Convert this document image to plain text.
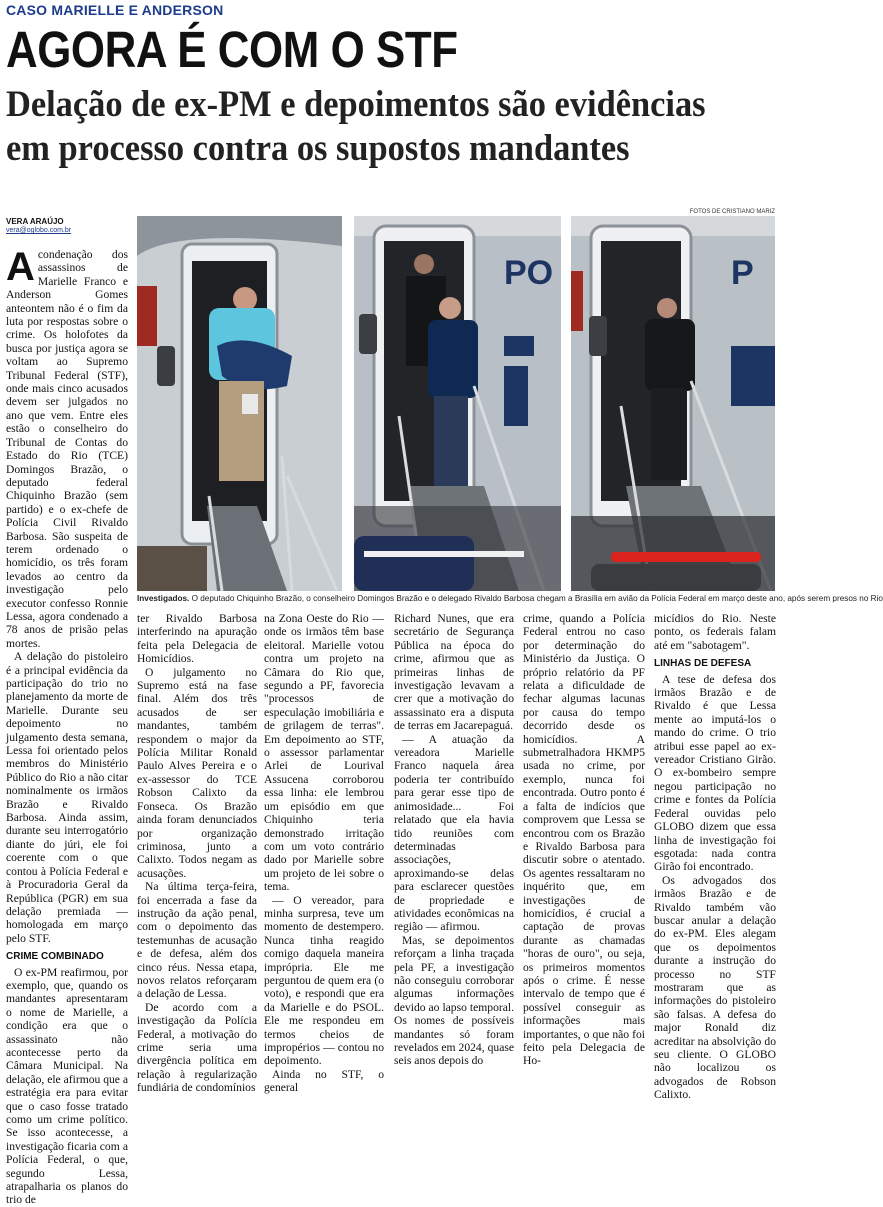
CASO MARIELLE E ANDERSON
AGORA É COM O STF
Delação de ex-PM e depoimentos são evidências em processo contra os supostos mandantes
VERA ARAÚJO
vera@oglobo.com.br
FOTOS DE CRISTIANO MARIZ
PO	P
Investigados. O deputado Chiquinho Brazão, o conselheiro Domingos Brazão e o delegado Rivaldo Barbosa chegam a Brasília em avião da Polícia Federal em março deste ano, após serem presos no Rio

Acondenação dos assassinos de Marielle Franco e Anderson Gomes anteontem não é o fim da luta por respostas sobre o crime. Os holofotes da busca por justiça agora se voltam ao Supremo Tribunal Federal (STF), onde mais cinco acusados devem ser julgados no ano que vem. Entre eles estão o conselheiro do Tribunal de Contas do Estado do Rio (TCE) Domingos Brazão, o deputado federal Chiquinho Brazão (sem partido) e o ex-chefe de Polícia Civil Rivaldo Barbosa. São suspeita de terem ordenado o homicídio, os três foram levados ao centro da investigação pelo executor confesso Ronnie Lessa, agora condenado a 78 anos de prisão pelas mortes.

A delação do pistoleiro é a principal evidência da participação do trio no planejamento da morte de Marielle. Durante seu depoimento no julgamento desta semana, Lessa foi orientado pelos membros do Ministério Público do Rio a não citar nominalmente os irmãos Brazão e Rivaldo Barbosa. Ainda assim, durante seu interrogatório diante do júri, ele foi coerente com o que contou à Polícia Federal e à Procuradoria Geral da República (PGR) em sua delação premiada — homologada em março pelo STF.

CRIME COMBINADO

O ex-PM reafirmou, por exemplo, que, quando os mandantes apresentaram o nome de Marielle, a condição era que o assassinato não acontecesse perto da Câmara Municipal. Na delação, ele afirmou que a estratégia era para evitar que o caso fosse tratado como um crime político. Se isso acontecesse, a investigação ficaria com a Polícia Federal, o que, segundo Lessa, atrapalharia os planos do trio de

ter Rivaldo Barbosa interferindo na apuração feita pela Delegacia de Homicídios.

O julgamento no Supremo está na fase final. Além dos três acusados de ser mandantes, também respondem o major da Polícia Militar Ronald Paulo Alves Pereira e o ex-assessor do TCE Robson Calixto da Fonseca. Os Brazão ainda foram denunciados por organização criminosa, junto a Calixto. Todos negam as acusações.

Na última terça-feira, foi encerrada a fase da instrução da ação penal, com o depoimento das testemunhas de acusação e de defesa, além dos cinco réus. Nessa etapa, novos relatos reforçaram a delação de Lessa.

De acordo com a investigação da Polícia Federal, a motivação do crime seria uma divergência política em relação à regularização fundiária de condomínios

na Zona Oeste do Rio — onde os irmãos têm base eleitoral. Marielle votou contra um projeto na Câmara do Rio que, segundo a PF, favorecia "processos de especulação imobiliária e de grilagem de terras". Em depoimento ao STF, o assessor parlamentar Arlei de Lourival Assucena corroborou essa linha: ele lembrou um episódio em que Chiquinho teria demonstrado irritação com um voto contrário dado por Marielle sobre um projeto de lei sobre o tema.

— O vereador, para minha surpresa, teve um momento de destempero. Nunca tinha reagido comigo daquela maneira imprópria. Ele me perguntou de quem era (o voto), e respondi que era da Marielle e do PSOL. Ele me respondeu em termos cheios de impropérios — contou no depoimento.

Ainda no STF, o general

Richard Nunes, que era secretário de Segurança Pública na época do crime, afirmou que as primeiras linhas de investigação levavam a crer que a motivação do assassinato era a disputa de terras em Jacarepaguá.

— A atuação da vereadora Marielle Franco naquela área poderia ter contribuído para gerar esse tipo de animosidade... Foi relatado que ela havia tido reuniões com determinadas associações, aproximando-se delas para esclarecer questões de propriedade e atividades econômicas na região — afirmou.

Mas, se depoimentos reforçam a linha traçada pela PF, a investigação não conseguiu corroborar algumas informações devido ao lapso temporal. Os nomes de possíveis mandantes só foram revelados em 2024, quase seis anos depois do

crime, quando a Polícia Federal entrou no caso por determinação do Ministério da Justiça. O próprio relatório da PF relata a dificuldade de fechar algumas lacunas por causa do tempo decorrido desde os homicídios. A submetralhadora HKMP5 usada no crime, por exemplo, nunca foi encontrada. Outro ponto é a falta de indícios que comprovem que Lessa se encontrou com os Brazão e Rivaldo Barbosa para discutir sobre o atentado. Os agentes ressaltaram no inquérito que, em investigações de homicídios, é crucial a captação de provas durante as chamadas "horas de ouro", ou seja, os primeiros momentos após o crime. É nesse intervalo de tempo que é possível conseguir as informações mais importantes, o que não foi feito pela Delegacia de Ho-

micídios do Rio. Neste ponto, os federais falam até em "sabotagem".

LINHAS DE DEFESA

A tese de defesa dos irmãos Brazão e de Rivaldo é que Lessa mente ao imputá-los o mando do crime. O trio atribui esse papel ao ex-vereador Cristiano Girão. O ex-bombeiro sempre negou participação no crime e fontes da Polícia Federal ouvidas pelo GLOBO dizem que essa linha de investigação foi esgotada: nada contra Girão foi encontrado.

Os advogados dos irmãos Brazão e de Rivaldo também vão buscar anular a delação do ex-PM. Eles alegam que os depoimentos durante a instrução do processo no STF mostraram que as informações do pistoleiro são falsas. A defesa do major Ronald diz acreditar na absolvição do seu cliente. O GLOBO não localizou os advogados de Robson Calixto.
